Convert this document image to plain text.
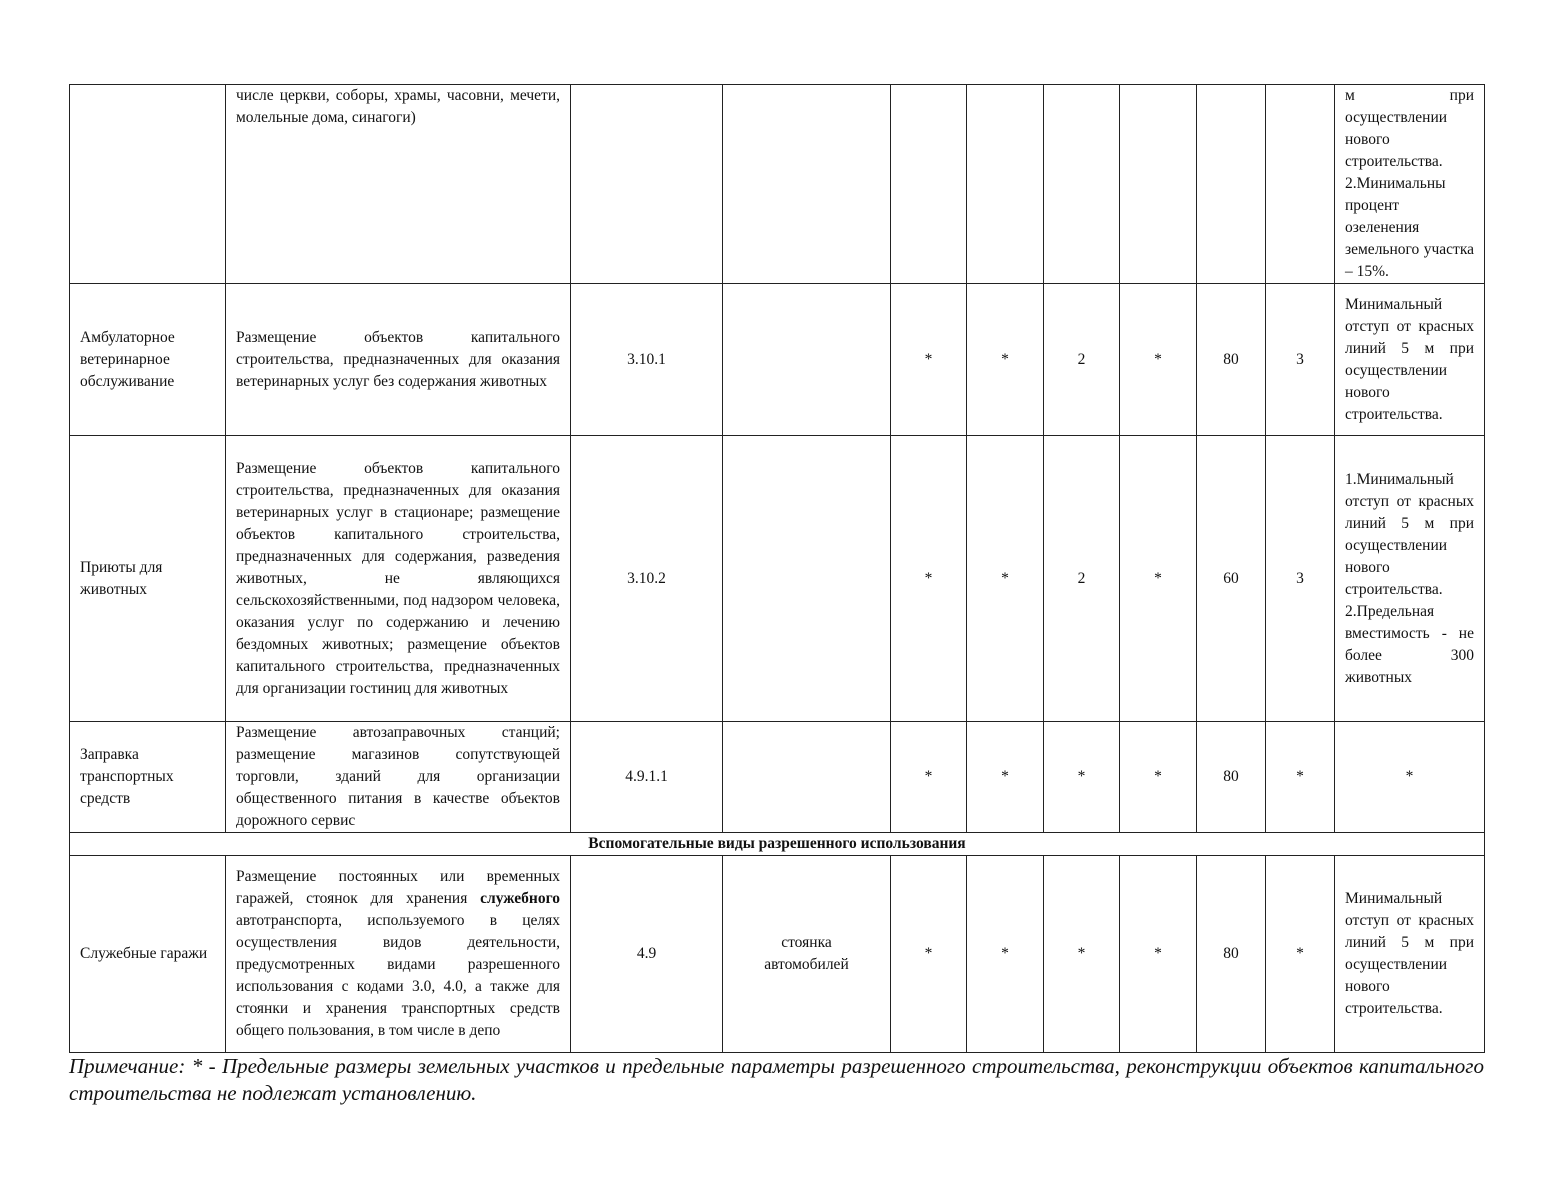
	числе церкви, соборы, храмы, часовни, мечети, молельные дома, синагоги)									м при осуществлении нового строительства.
2.Минимальны процент озеленения земельного участка – 15%.
Амбулаторное ветеринарное обслуживание	Размещение объектов капитального строительства, предназначенных для оказания ветеринарных услуг без содержания животных	3.10.1		*	*	2	*	80	3	Минимальный отступ от красных линий 5 м при осуществлении нового строительства.
Приюты для животных	Размещение объектов капитального строительства, предназначенных для оказания ветеринарных услуг в стационаре; размещение объектов капитального строительства, предназначенных для содержания, разведения животных, не являющихся сельскохозяйственными, под надзором человека, оказания услуг по содержанию и лечению бездомных животных; размещение объектов капитального строительства, предназначенных для организации гостиниц для животных	3.10.2		*	*	2	*	60	3	1.Минимальный отступ от красных линий 5 м при осуществлении нового строительства.
2.Предельная вместимость - не более 300 животных
Заправка транспортных средств	Размещение автозаправочных станций; размещение магазинов сопутствующей торговли, зданий для организации общественного питания в качестве объектов дорожного сервис	4.9.1.1		*	*	*	*	80	*	*
Вспомогательные виды разрешенного использования										
Служебные гаражи	Размещение постоянных или временных гаражей, стоянок для хранения служебного автотранспорта, используемого в целях осуществления видов деятельности, предусмотренных видами разрешенного использования с кодами 3.0, 4.0, а также для стоянки и хранения транспортных средств общего пользования, в том числе в депо	4.9	стоянка автомобилей	*	*	*	*	80	*	Минимальный отступ от красных линий 5 м при осуществлении нового строительства.
Примечание: * - Предельные размеры земельных участков и предельные параметры разрешенного строительства, реконструкции объектов капитального строительства не подлежат установлению.
